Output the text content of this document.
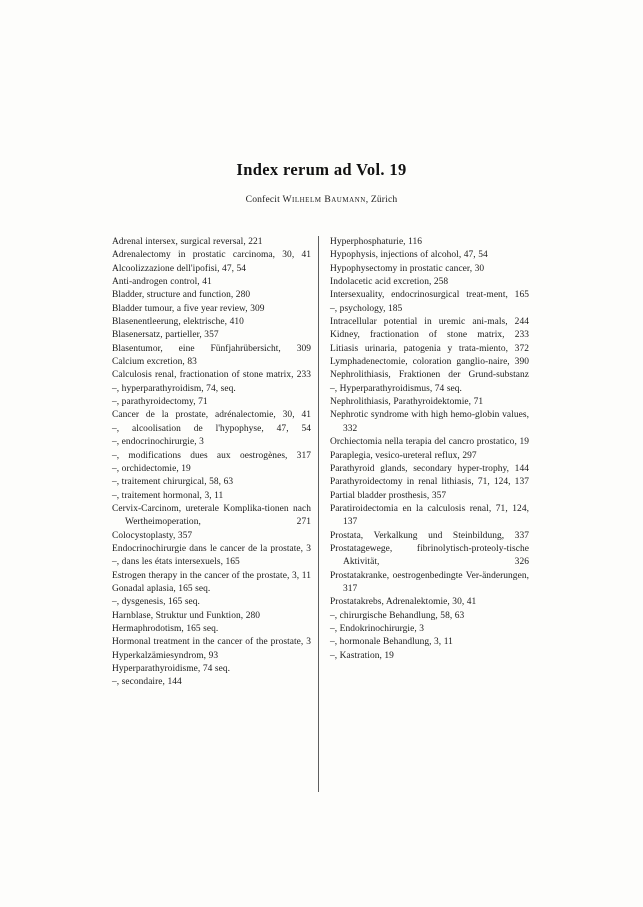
Index rerum ad Vol. 19

Confecit Wilhelm Baumann, Zürich

Adrenal intersex, surgical reversal, 221

Adrenalectomy in prostatic carcinoma, 30, 41

Alcoolizzazione dell'ipofisi, 47, 54

Anti-androgen control, 41

Bladder, structure and function, 280

Bladder tumour, a five year review, 309

Blasenentleerung, elektrische, 410

Blasenersatz, partieller, 357

Blasentumor, eine Fünfjahrübersicht, 309

Calcium excretion, 83

Calculosis renal, fractionation of stone matrix, 233

–, hyperparathyroidism, 74, seq.

–, parathyroidectomy, 71

Cancer de la prostate, adrénalectomie, 30, 41

–, alcoolisation de l'hypophyse, 47, 54

–, endocrinochirurgie, 3

–, modifications dues aux oestrogènes, 317

–, orchidectomie, 19

–, traitement chirurgical, 58, 63

–, traitement hormonal, 3, 11

Cervix-Carcinom, ureterale Komplika-tionen nach Wertheimoperation, 271

Colocystoplasty, 357

Endocrinochirurgie dans le cancer de la prostate, 3

–, dans les états intersexuels, 165

Estrogen therapy in the cancer of the prostate, 3, 11

Gonadal aplasia, 165 seq.

–, dysgenesis, 165 seq.

Harnblase, Struktur und Funktion, 280

Hermaphrodotism, 165 seq.

Hormonal treatment in the cancer of the prostate, 3

Hyperkalzämiesyndrom, 93

Hyperparathyroidisme, 74 seq.

–, secondaire, 144

Hyperphosphaturie, 116

Hypophysis, injections of alcohol, 47, 54

Hypophysectomy in prostatic cancer, 30

Indolacetic acid excretion, 258

Intersexuality, endocrinosurgical treat-ment, 165

–, psychology, 185

Intracellular potential in uremic ani-mals, 244

Kidney, fractionation of stone matrix, 233

Litiasis urinaria, patogenia y trata-miento, 372

Lymphadenectomie, coloration ganglio-naire, 390

Nephrolithiasis, Fraktionen der Grund-substanz

–, Hyperparathyroidismus, 74 seq.

Nephrolithiasis, Parathyroidektomie, 71

Nephrotic syndrome with high hemo-globin values, 332

Orchiectomia nella terapia del cancro prostatico, 19

Paraplegia, vesico-ureteral reflux, 297

Parathyroid glands, secondary hyper-trophy, 144

Parathyroidectomy in renal lithiasis, 71, 124, 137

Partial bladder prosthesis, 357

Paratiroidectomia en la calculosis renal, 71, 124, 137

Prostata, Verkalkung und Steinbildung, 337

Prostatagewege, fibrinolytisch-proteoly-tische Aktivität, 326

Prostatakranke, oestrogenbedingte Ver-änderungen, 317

Prostatakrebs, Adrenalektomie, 30, 41

–, chirurgische Behandlung, 58, 63

–, Endokrinochirurgie, 3

–, hormonale Behandlung, 3, 11

–, Kastration, 19
